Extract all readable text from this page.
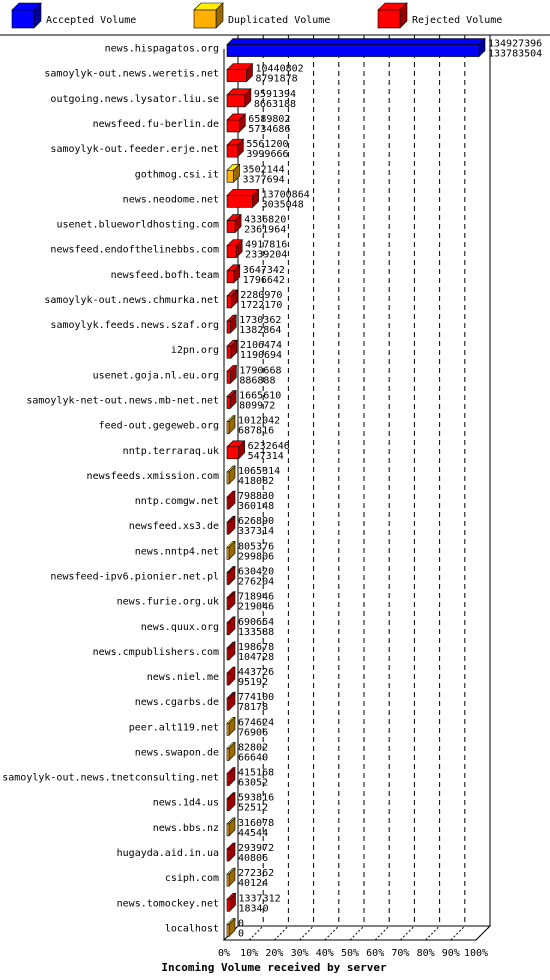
Accepted Volume	Duplicated Volume	Rejected Volume
news.hispagatos.org
samoylyk-out.news.weretis.net
outgoing.news.lysator.liu.se
newsfeed.fu-berlin.de
samoylyk-out.feeder.erje.net
gothmog.csi.it
news.neodome.net
usenet.blueworldhosting.com
newsfeed.endofthelinebbs.com
newsfeed.bofh.team
samoylyk-out.news.chmurka.net
samoylyk.feeds.news.szaf.org
i2pn.org
usenet.goja.nl.eu.org
samoylyk-net-out.news.mb-net.net
feed-out.gegeweb.org
nntp.terraraq.uk
newsfeeds.xmission.com
nntp.comgw.net
newsfeed.xs3.de
news.nntp4.net
newsfeed-ipv6.pionier.net.pl
news.furie.org.uk
news.quux.org
news.cmpublishers.com
news.niel.me
news.cgarbs.de
peer.alt119.net
news.swapon.de
samoylyk-out.news.tnetconsulting.net
news.1d4.us
news.bbs.nz
hugayda.aid.in.ua
csiph.com
news.tomockey.net
localhost
134927396
133783504
10440802
8791878
9591394
8663188
6589802
5734686
5561200
3999666
3502144
3377694
13700864
3035048
4336820
2361964
4917816
2339204
3647342
1796642
2280970
1722170
1730362
1382864
2106474
1190694
1790668
886888
1665610
809972
1012042
687816
6232646
547314
1065314
418082
798830
360148
626890
337314
805376
299806
630420
276204
718946
219046
690654
133588
198678
104728
443726
95192
774100
78178
674624
76906
82802
66640
415168
63052
593816
52512
316078
44544
293972
40806
272362
40124
1337312
18340
0
0
0% 10% 20% 30% 40% 50% 60% 70% 80% 90% 100%
Incoming Volume received by server
